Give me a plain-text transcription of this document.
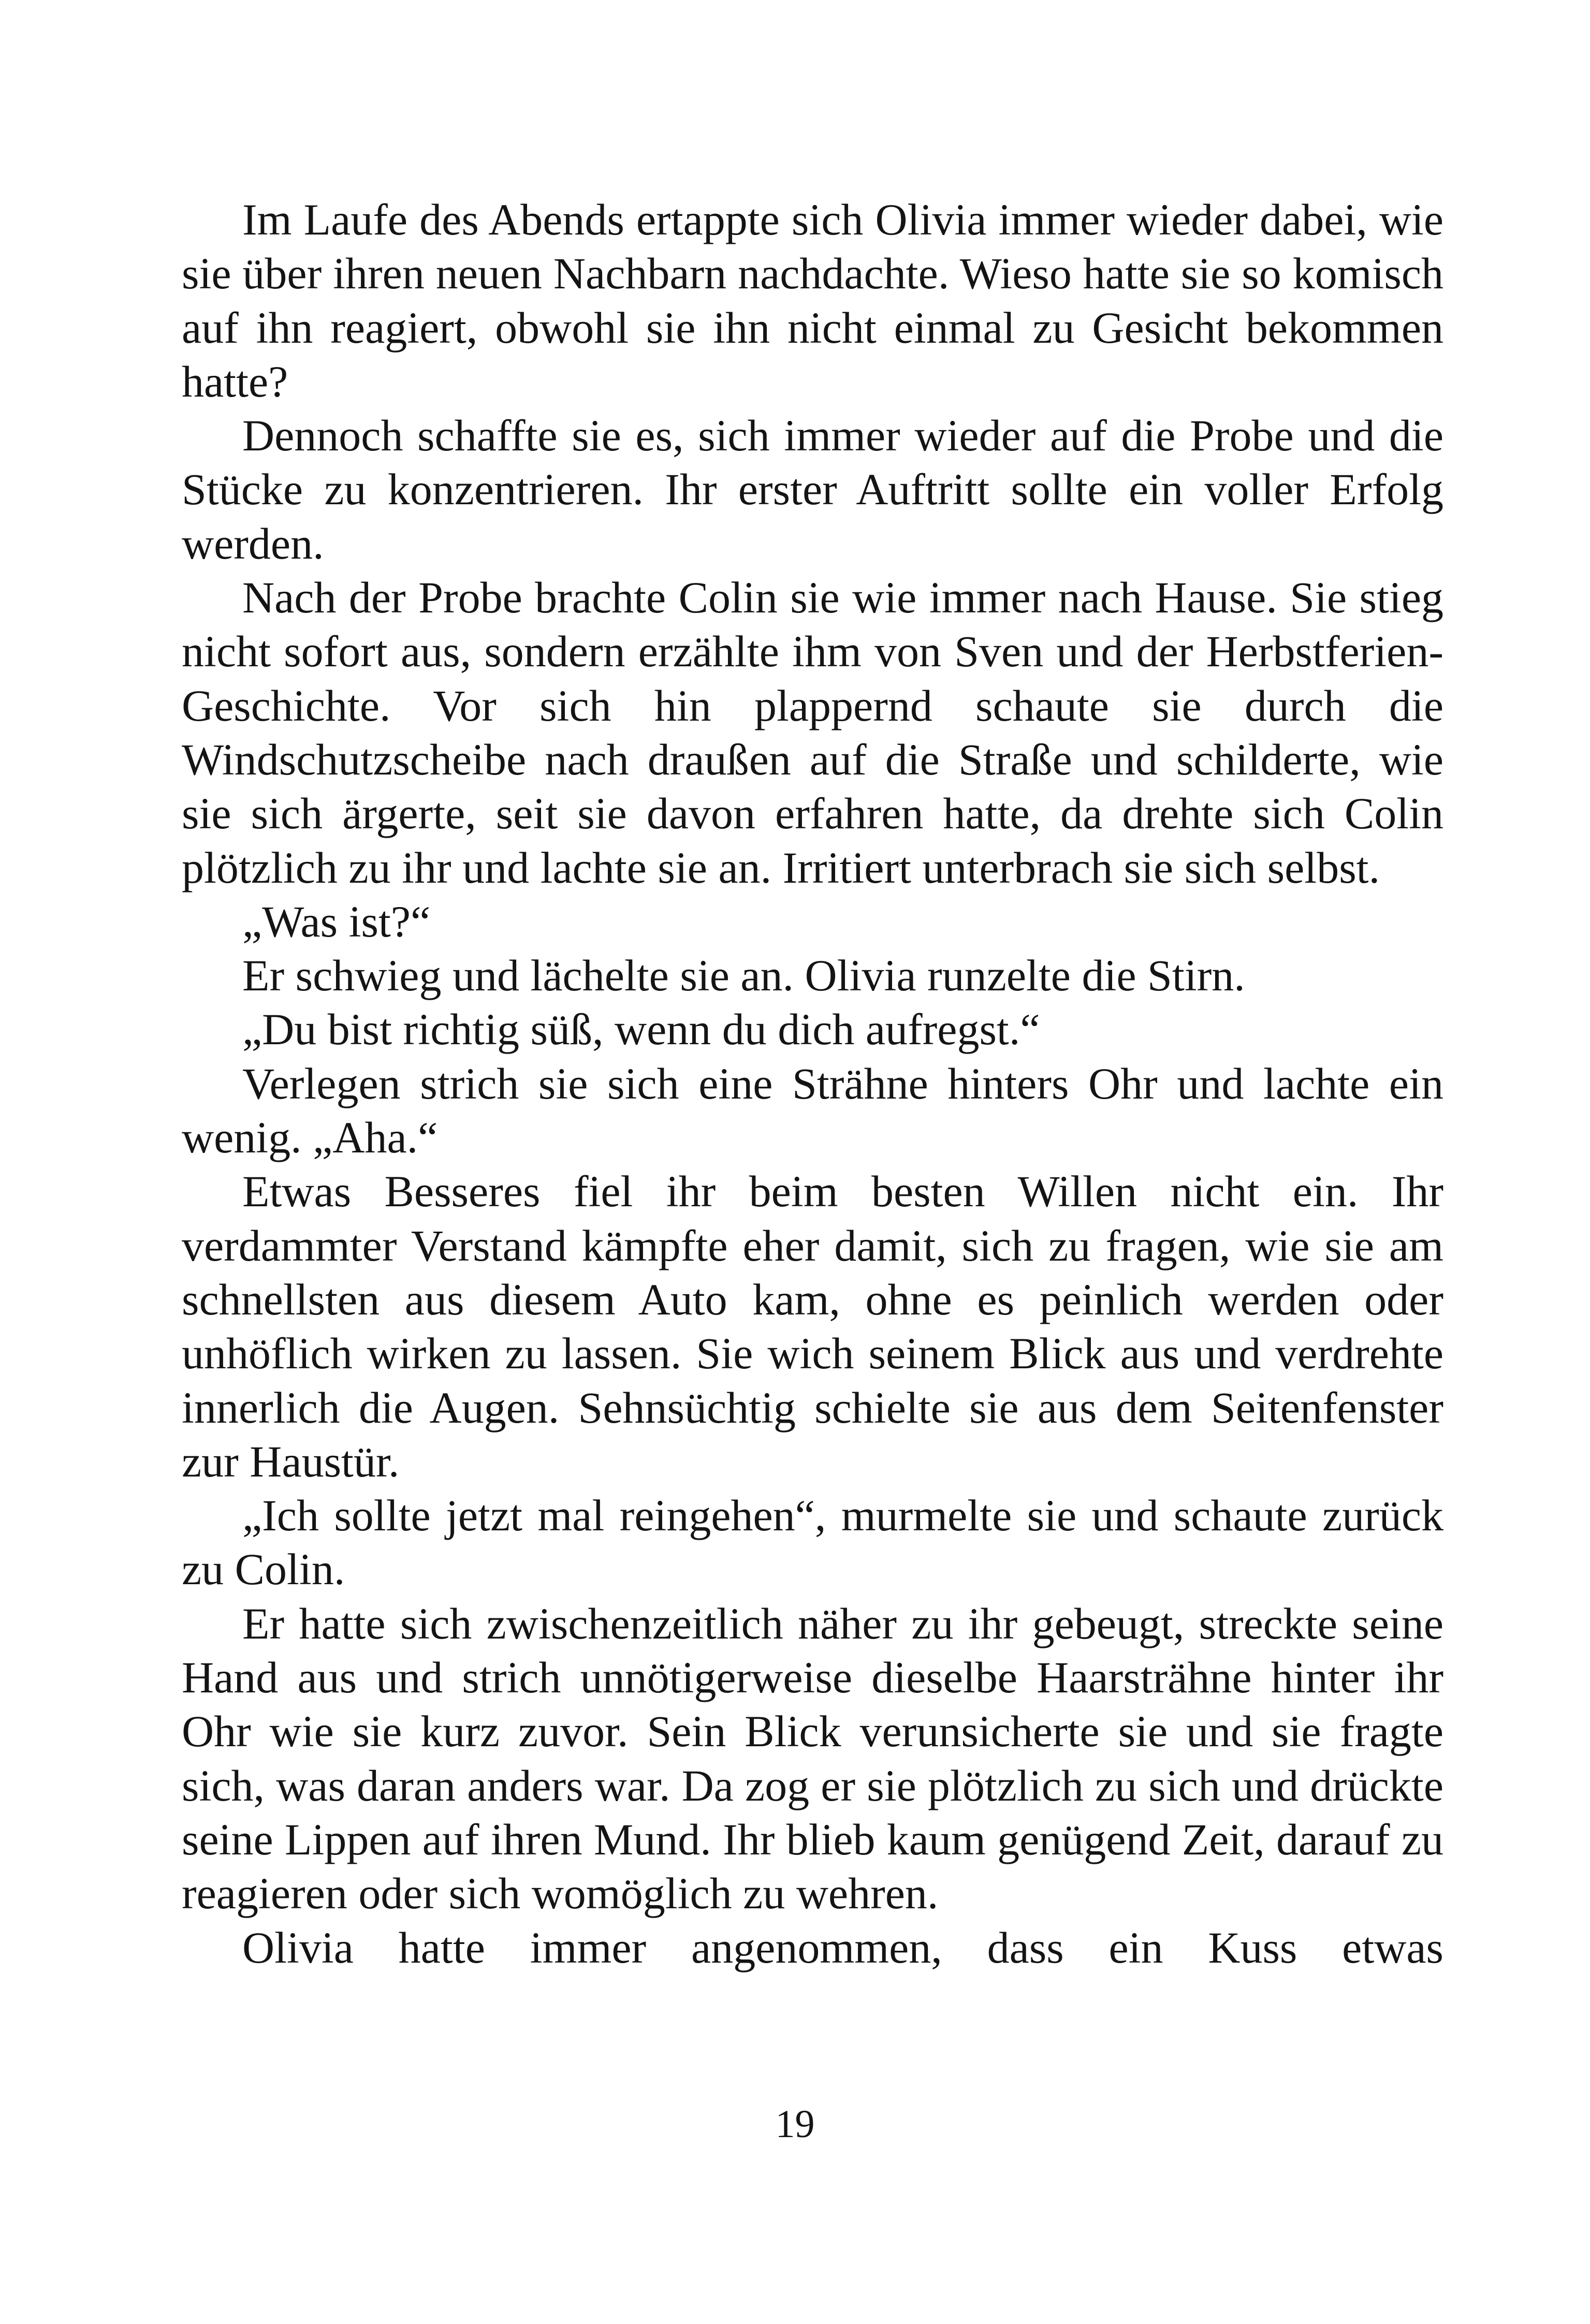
Im Laufe des Abends ertappte sich Olivia immer wieder dabei, wie sie über ihren neuen Nachbarn nachdachte. Wieso hatte sie so komisch auf ihn reagiert, obwohl sie ihn nicht einmal zu Gesicht bekommen hatte?

Dennoch schaffte sie es, sich immer wieder auf die Probe und die Stücke zu konzentrieren. Ihr erster Auftritt sollte ein voller Erfolg werden.

Nach der Probe brachte Colin sie wie immer nach Hause. Sie stieg nicht sofort aus, sondern erzählte ihm von Sven und der Herbstferien-Geschichte. Vor sich hin plappernd schaute sie durch die Windschutzscheibe nach draußen auf die Straße und schilderte, wie sie sich ärgerte, seit sie davon erfahren hatte, da drehte sich Colin plötzlich zu ihr und lachte sie an. Irritiert unterbrach sie sich selbst.

„Was ist?“

Er schwieg und lächelte sie an. Olivia runzelte die Stirn.

„Du bist richtig süß, wenn du dich aufregst.“

Verlegen strich sie sich eine Strähne hinters Ohr und lachte ein wenig. „Aha.“

Etwas Besseres fiel ihr beim besten Willen nicht ein. Ihr verdammter Verstand kämpfte eher damit, sich zu fragen, wie sie am schnellsten aus diesem Auto kam, ohne es peinlich werden oder unhöflich wirken zu lassen. Sie wich seinem Blick aus und verdrehte innerlich die Augen. Sehnsüchtig schielte sie aus dem Seitenfenster zur Haustür.

„Ich sollte jetzt mal reingehen“, murmelte sie und schaute zurück zu Colin.

Er hatte sich zwischenzeitlich näher zu ihr gebeugt, streckte seine Hand aus und strich unnötigerweise dieselbe Haarsträhne hinter ihr Ohr wie sie kurz zuvor. Sein Blick verunsicherte sie und sie fragte sich, was daran anders war. Da zog er sie plötzlich zu sich und drückte seine Lippen auf ihren Mund. Ihr blieb kaum genügend Zeit, darauf zu reagieren oder sich womöglich zu wehren.

Olivia hatte immer angenommen, dass ein Kuss etwas

19
